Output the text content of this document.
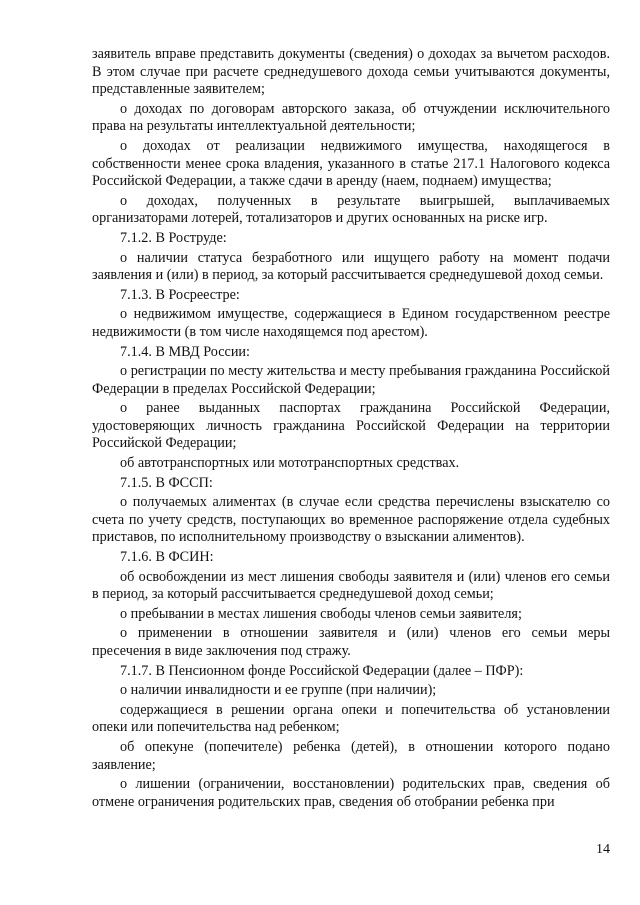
заявитель вправе представить документы (сведения) о доходах за вычетом расходов. В этом случае при расчете среднедушевого дохода семьи учитываются документы, представленные заявителем;

о доходах по договорам авторского заказа, об отчуждении исключительного права на результаты интеллектуальной деятельности;

о доходах от реализации недвижимого имущества, находящегося в собственности менее срока владения, указанного в статье 217.1 Налогового кодекса Российской Федерации, а также сдачи в аренду (наем, поднаем) имущества;

о доходах, полученных в результате выигрышей, выплачиваемых организаторами лотерей, тотализаторов и других основанных на риске игр.

7.1.2. В Роструде:

о наличии статуса безработного или ищущего работу на момент подачи заявления и (или) в период, за который рассчитывается среднедушевой доход семьи.

7.1.3. В Росреестре:

о недвижимом имуществе, содержащиеся в Едином государственном реестре недвижимости (в том числе находящемся под арестом).

7.1.4. В МВД России:

о регистрации по месту жительства и месту пребывания гражданина Российской Федерации в пределах Российской Федерации;

о ранее выданных паспортах гражданина Российской Федерации, удостоверяющих личность гражданина Российской Федерации на территории Российской Федерации;

об автотранспортных или мототранспортных средствах.

7.1.5. В ФССП:

о получаемых алиментах (в случае если средства перечислены взыскателю со счета по учету средств, поступающих во временное распоряжение отдела судебных приставов, по исполнительному производству о взыскании алиментов).

7.1.6. В ФСИН:

об освобождении из мест лишения свободы заявителя и (или) членов его семьи в период, за который рассчитывается среднедушевой доход семьи;

о пребывании в местах лишения свободы членов семьи заявителя;

о применении в отношении заявителя и (или) членов его семьи меры пресечения в виде заключения под стражу.

7.1.7. В Пенсионном фонде Российской Федерации (далее – ПФР):

о наличии инвалидности и ее группе (при наличии);

содержащиеся в решении органа опеки и попечительства об установлении опеки или попечительства над ребенком;

об опекуне (попечителе) ребенка (детей), в отношении которого подано заявление;

о лишении (ограничении, восстановлении) родительских прав, сведения об отмене ограничения родительских прав, сведения об отобрании ребенка при

14
